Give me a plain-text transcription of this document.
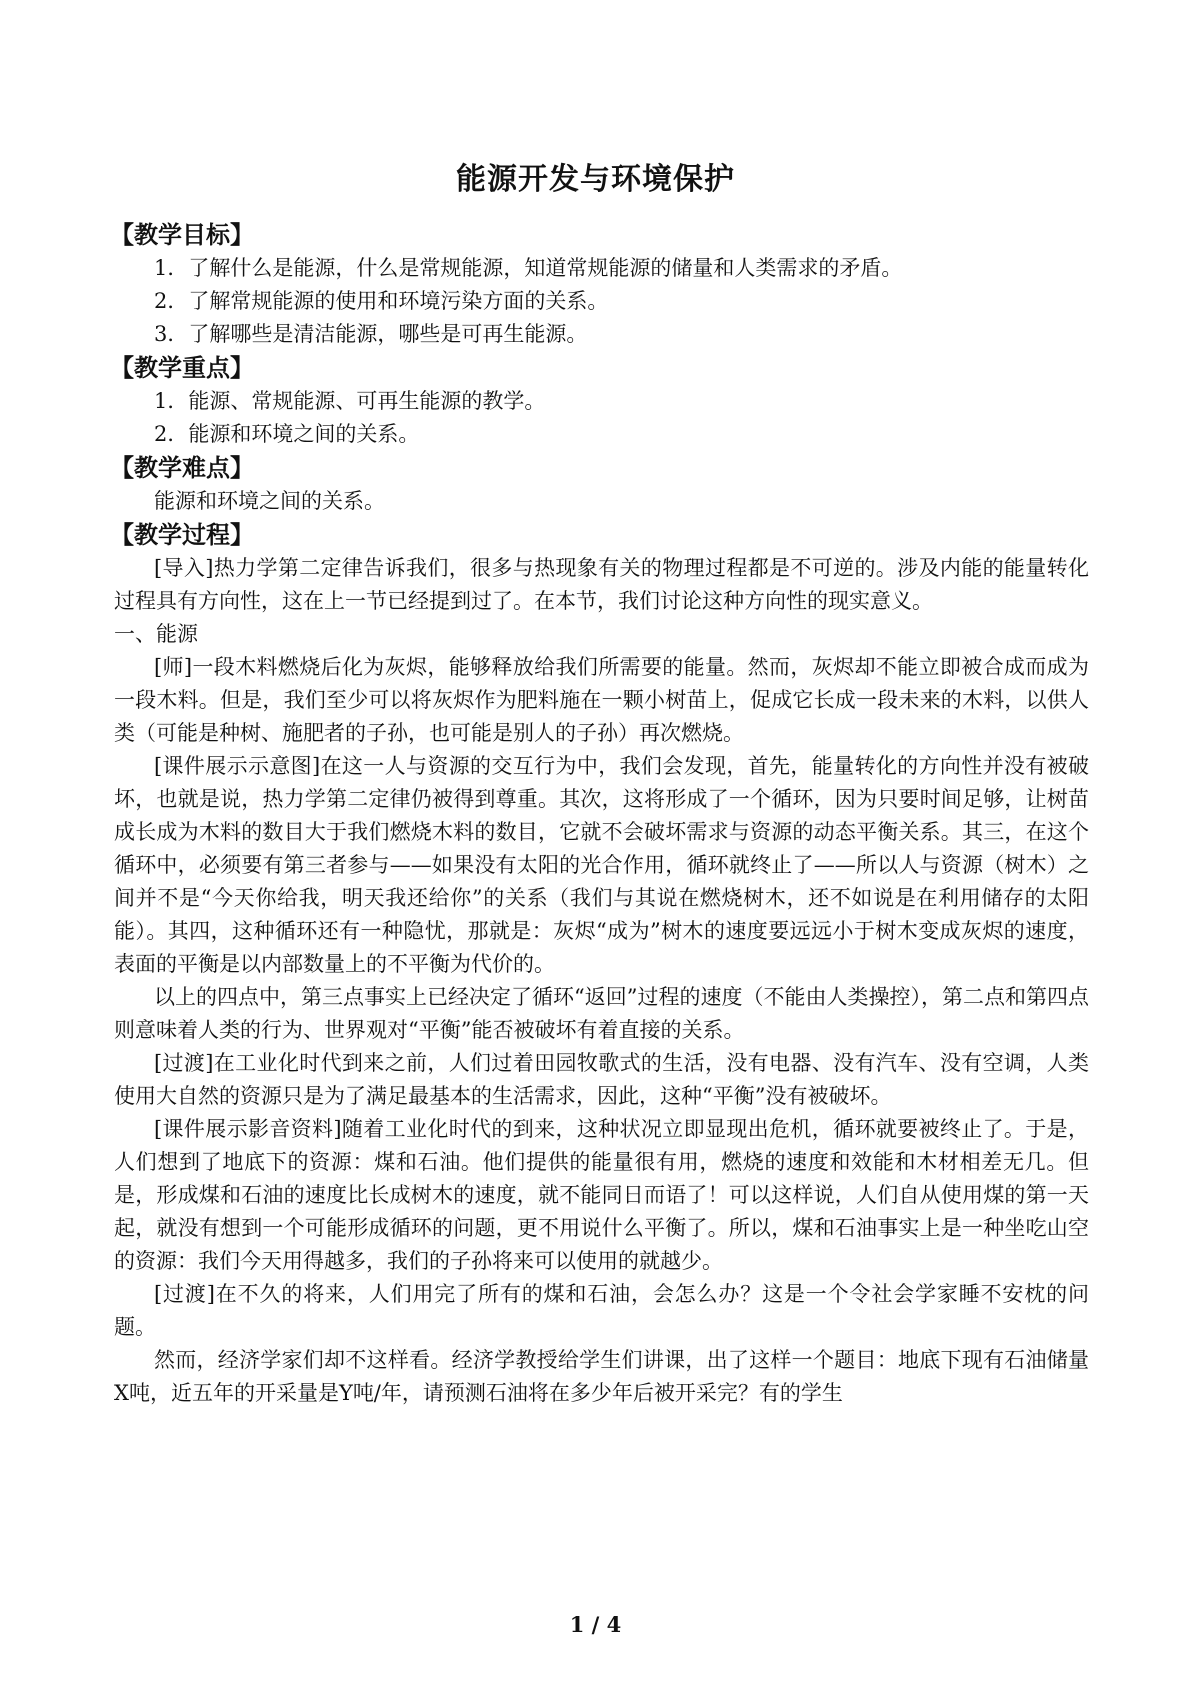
能源开发与环境保护
【教学目标】
1．了解什么是能源，什么是常规能源，知道常规能源的储量和人类需求的矛盾。
2．了解常规能源的使用和环境污染方面的关系。
3．了解哪些是清洁能源，哪些是可再生能源。
【教学重点】
1．能源、常规能源、可再生能源的教学。
2．能源和环境之间的关系。
【教学难点】
能源和环境之间的关系。
【教学过程】
[导入]热力学第二定律告诉我们，很多与热现象有关的物理过程都是不可逆的。涉及内能的能量转化过程具有方向性，这在上一节已经提到过了。在本节，我们讨论这种方向性的现实意义。
一、能源
[师]一段木料燃烧后化为灰烬，能够释放给我们所需要的能量。然而，灰烬却不能立即被合成而成为一段木料。但是，我们至少可以将灰烬作为肥料施在一颗小树苗上，促成它长成一段未来的木料，以供人类（可能是种树、施肥者的子孙，也可能是别人的子孙）再次燃烧。
[课件展示示意图]在这一人与资源的交互行为中，我们会发现，首先，能量转化的方向性并没有被破坏，也就是说，热力学第二定律仍被得到尊重。其次，这将形成了一个循环，因为只要时间足够，让树苗成长成为木料的数目大于我们燃烧木料的数目，它就不会破坏需求与资源的动态平衡关系。其三，在这个循环中，必须要有第三者参与——如果没有太阳的光合作用，循环就终止了——所以人与资源（树木）之间并不是“今天你给我，明天我还给你”的关系（我们与其说在燃烧树木，还不如说是在利用储存的太阳能）。其四，这种循环还有一种隐忧，那就是：灰烬“成为”树木的速度要远远小于树木变成灰烬的速度，表面的平衡是以内部数量上的不平衡为代价的。
以上的四点中，第三点事实上已经决定了循环“返回”过程的速度（不能由人类操控），第二点和第四点则意味着人类的行为、世界观对“平衡”能否被破坏有着直接的关系。
[过渡]在工业化时代到来之前，人们过着田园牧歌式的生活，没有电器、没有汽车、没有空调，人类使用大自然的资源只是为了满足最基本的生活需求，因此，这种“平衡”没有被破坏。
[课件展示影音资料]随着工业化时代的到来，这种状况立即显现出危机，循环就要被终止了。于是，人们想到了地底下的资源：煤和石油。他们提供的能量很有用，燃烧的速度和效能和木材相差无几。但是，形成煤和石油的速度比长成树木的速度，就不能同日而语了！可以这样说，人们自从使用煤的第一天起，就没有想到一个可能形成循环的问题，更不用说什么平衡了。所以，煤和石油事实上是一种坐吃山空的资源：我们今天用得越多，我们的子孙将来可以使用的就越少。
[过渡]在不久的将来，人们用完了所有的煤和石油，会怎么办？这是一个令社会学家睡不安枕的问题。
然而，经济学家们却不这样看。经济学教授给学生们讲课，出了这样一个题目：地底下现有石油储量X吨，近五年的开采量是Y吨/年，请预测石油将在多少年后被开采完？有的学生
1 / 4
